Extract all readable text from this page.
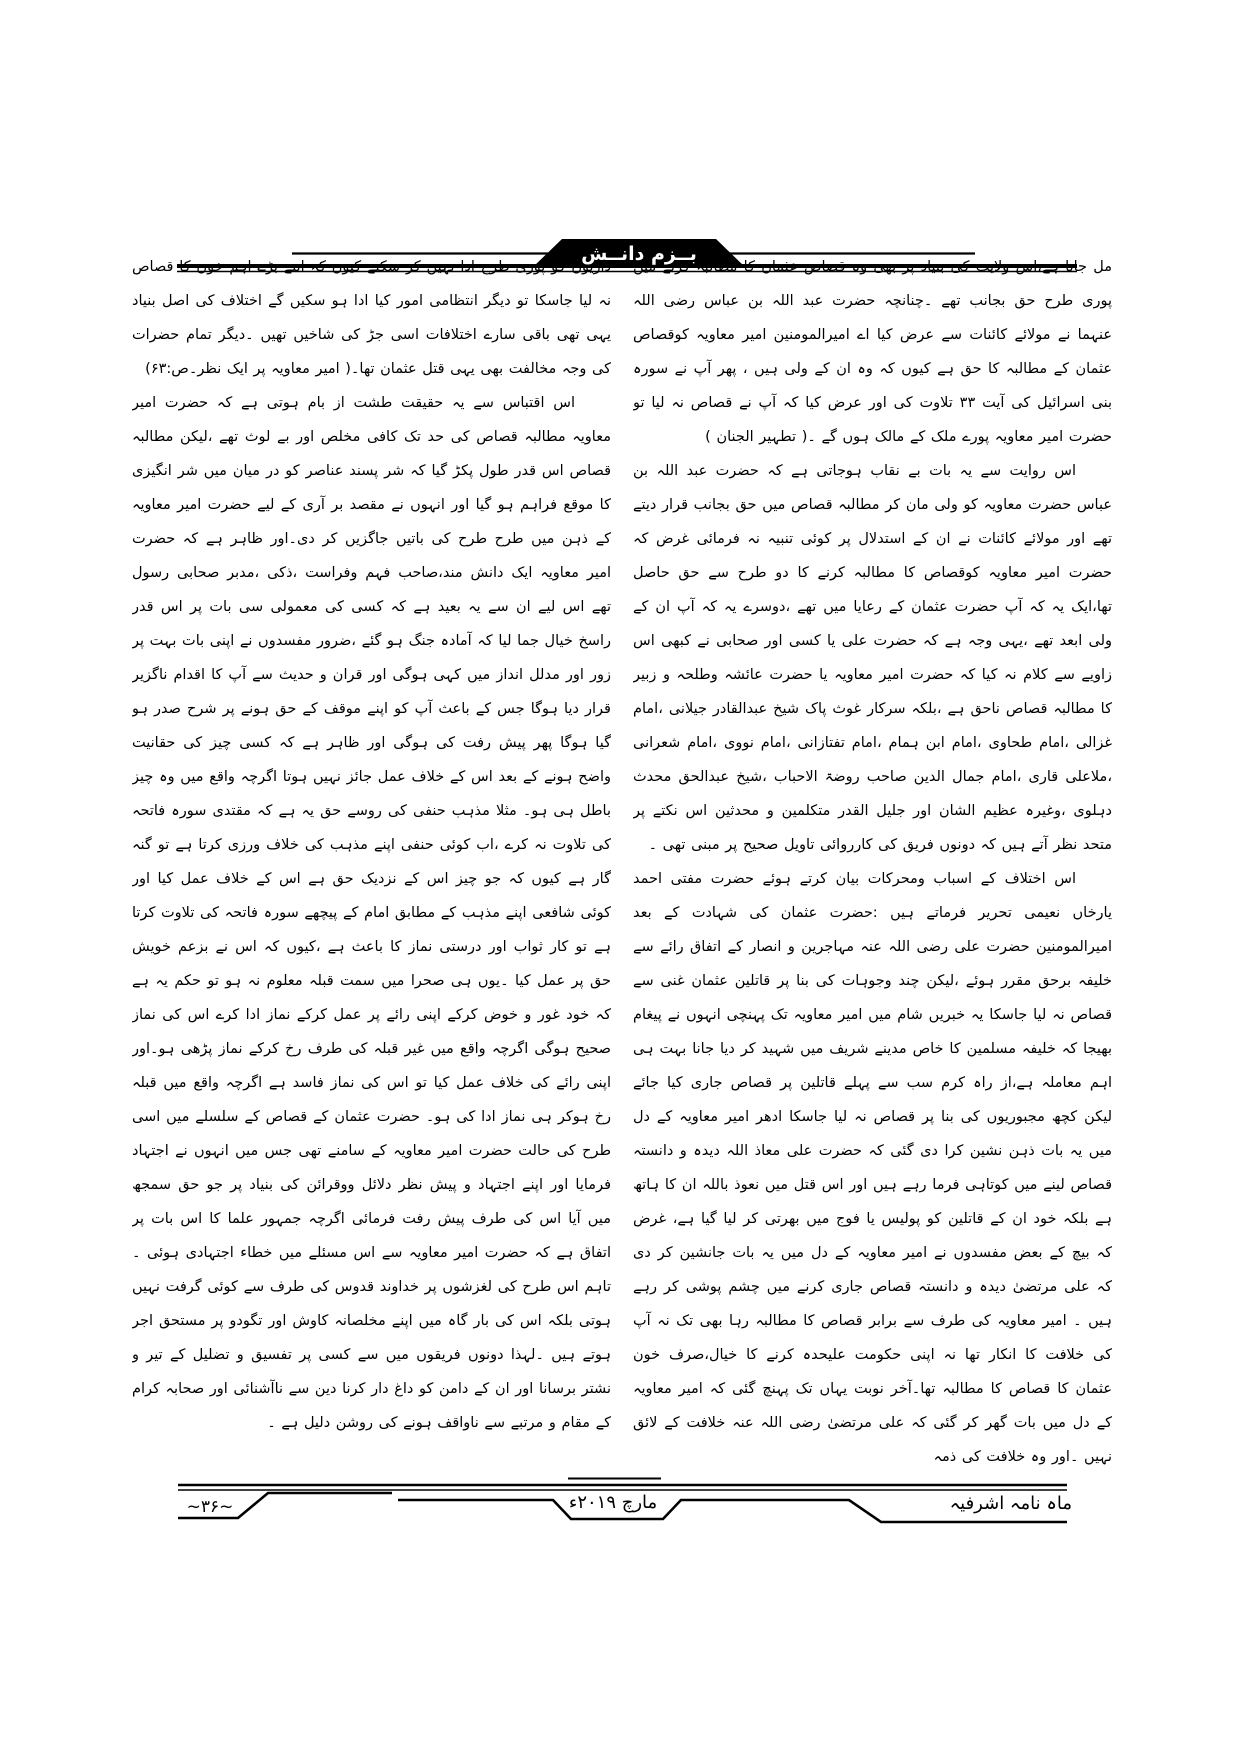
بــزم دانــش

مل جاتا ہے،اس ولایت کی بنیاد پر بھی وہ قصاص عثمان کا مطالبہ کرنے میں پوری طرح حق بجانب تھے ۔چنانچہ حضرت عبد اللہ بن عباس رضی اللہ عنہما نے مولائے کائنات سے عرض کیا اے امیرالمومنین امیر معاویہ کوقصاص عثمان کے مطالبہ کا حق ہے کیوں کہ وہ ان کے ولی ہیں ، پھر آپ نے سورہ بنی اسرائیل کی آیت ۳۳ تلاوت کی اور عرض کیا کہ آپ نے قصاص نہ لیا تو حضرت امیر معاویہ پورے ملک کے مالک ہوں گے ۔( تطہیر الجنان )

اس روایت سے یہ بات بے نقاب ہوجاتی ہے کہ حضرت عبد اللہ بن عباس حضرت معاویہ کو ولی مان کر مطالبہ قصاص میں حق بجانب قرار دیتے تھے اور مولائے کائنات نے ان کے استدلال پر کوئی تنبیہ نہ فرمائی غرض کہ حضرت امیر معاویہ کوقصاص کا مطالبہ کرنے کا دو طرح سے حق حاصل تھا،ایک یہ کہ آپ حضرت عثمان کے رعایا میں تھے ،دوسرے یہ کہ آپ ان کے ولی ابعد تھے ،یہی وجہ ہے کہ حضرت علی یا کسی اور صحابی نے کبھی اس زاویے سے کلام نہ کیا کہ حضرت امیر معاویہ یا حضرت عائشہ وطلحہ و زبیر کا مطالبہ قصاص ناحق ہے ،بلکہ سرکار غوث پاک شیخ عبدالقادر جیلانی ،امام غزالی ،امام طحاوی ،امام ابن ہمام ،امام تفتازانی ،امام نووی ،امام شعرانی ،ملاعلی قاری ،امام جمال الدین صاحب روضۃ الاحباب ،شیخ عبدالحق محدث دہلوی ،وغیرہ عظیم الشان اور جلیل القدر متکلمین و محدثین اس نکتے پر متحد نظر آتے ہیں کہ دونوں فریق کی کارروائی تاویل صحیح پر مبنی تھی ۔

اس اختلاف کے اسباب ومحرکات بیان کرتے ہوئے حضرت مفتی احمد یارخاں نعیمی تحریر فرماتے ہیں :حضرت عثمان کی شہادت کے بعد امیرالمومنین حضرت علی رضی اللہ عنہ مہاجرین و انصار کے اتفاق رائے سے خلیفہ برحق مقرر ہوئے ،لیکن چند وجوہات کی بنا پر قاتلین عثمان غنی سے قصاص نہ لیا جاسکا یہ خبریں شام میں امیر معاویہ تک پہنچی انہوں نے پیغام بھیجا کہ خلیفہ مسلمین کا خاص مدینے شریف میں شہید کر دیا جانا بہت ہی اہم معاملہ ہے،از راہ کرم سب سے پہلے قاتلین پر قصاص جاری کیا جائے لیکن کچھ مجبوریوں کی بنا پر قصاص نہ لیا جاسکا ادھر امیر معاویہ کے دل میں یہ بات ذہن نشین کرا دی گئی کہ حضرت علی معاذ اللہ دیدہ و دانستہ قصاص لینے میں کوتاہی فرما رہے ہیں اور اس قتل میں نعوذ باللہ ان کا ہاتھ ہے بلکہ خود ان کے قاتلین کو پولیس یا فوج میں بھرتی کر لیا گیا ہے، غرض کہ بیچ کے بعض مفسدوں نے امیر معاویہ کے دل میں یہ بات جانشین کر دی کہ علی مرتضیٰ دیدہ و دانستہ قصاص جاری کرنے میں چشم پوشی کر رہے ہیں ۔ امیر معاویہ کی طرف سے برابر قصاص کا مطالبہ رہا بھی تک نہ آپ کی خلافت کا انکار تھا نہ اپنی حکومت علیحدہ کرنے کا خیال،صرف خون عثمان کا قصاص کا مطالبہ تھا۔آخر نوبت یہاں تک پہنچ گئی کہ امیر معاویہ کے دل میں بات گھر کر گئی کہ علی مرتضیٰ رضی اللہ عنہ خلافت کے لائق نہیں ۔اور وہ خلافت کی ذمہ

داریوں کو پوری طرح ادا نہیں کر سکتے کیوں کہ اتنے بڑے اہم خون کا قصاص نہ لیا جاسکا تو دیگر انتظامی امور کیا ادا ہو سکیں گے اختلاف کی اصل بنیاد یہی تھی باقی سارے اختلافات اسی جڑ کی شاخیں تھیں ۔دیگر تمام حضرات کی وجہ مخالفت بھی یہی قتل عثمان تھا۔( امیر معاویہ پر ایک نظر۔ص:۶۳)

اس اقتباس سے یہ حقیقت طشت از بام ہوتی ہے کہ حضرت امیر معاویہ مطالبہ قصاص کی حد تک کافی مخلص اور بے لوث تھے ،لیکن مطالبہ قصاص اس قدر طول پکڑ گیا کہ شر پسند عناصر کو در میان میں شر انگیزی کا موقع فراہم ہو گیا اور انہوں نے مقصد بر آری کے لیے حضرت امیر معاویہ کے ذہن میں طرح طرح کی باتیں جاگزیں کر دی۔اور ظاہر ہے کہ حضرت امیر معاویہ ایک دانش مند،صاحب فہم وفراست ،ذکی ،مدبر صحابی رسول تھے اس لیے ان سے یہ بعید ہے کہ کسی کی معمولی سی بات پر اس قدر راسخ خیال جما لیا کہ آمادہ جنگ ہو گئے ،ضرور مفسدوں نے اپنی بات بہت پر زور اور مدلل انداز میں کہی ہوگی اور قران و حدیث سے آپ کا اقدام ناگزیر قرار دیا ہوگا جس کے باعث آپ کو اپنے موقف کے حق ہونے پر شرح صدر ہو گیا ہوگا پھر پیش رفت کی ہوگی اور ظاہر ہے کہ کسی چیز کی حقانیت واضح ہونے کے بعد اس کے خلاف عمل جائز نہیں ہوتا اگرچہ واقع میں وہ چیز باطل ہی ہو۔ مثلا مذہب حنفی کی روسے حق یہ ہے کہ مقتدی سورہ فاتحہ کی تلاوت نہ کرے ،اب کوئی حنفی اپنے مذہب کی خلاف ورزی کرتا ہے تو گنہ گار ہے کیوں کہ جو چیز اس کے نزدیک حق ہے اس کے خلاف عمل کیا اور کوئی شافعی اپنے مذہب کے مطابق امام کے پیچھے سورہ فاتحہ کی تلاوت کرتا ہے تو کار ثواب اور درستی نماز کا باعث ہے ،کیوں کہ اس نے بزعم خویش حق پر عمل کیا ۔یوں ہی صحرا میں سمت قبلہ معلوم نہ ہو تو حکم یہ ہے کہ خود غور و خوض کرکے اپنی رائے پر عمل کرکے نماز ادا کرے اس کی نماز صحیح ہوگی اگرچہ واقع میں غیر قبلہ کی طرف رخ کرکے نماز پڑھی ہو۔اور اپنی رائے کی خلاف عمل کیا تو اس کی نماز فاسد ہے اگرچہ واقع میں قبلہ رخ ہوکر ہی نماز ادا کی ہو۔ حضرت عثمان کے قصاص کے سلسلے میں اسی طرح کی حالت حضرت امیر معاویہ کے سامنے تھی جس میں انہوں نے اجتہاد فرمایا اور اپنے اجتہاد و پیش نظر دلائل ووقرائن کی بنیاد پر جو حق سمجھ میں آیا اس کی طرف پیش رفت فرمائی اگرچہ جمہور علما کا اس بات پر اتفاق ہے کہ حضرت امیر معاویہ سے اس مسئلے میں خطاء اجتہادی ہوئی ۔ تاہم اس طرح کی لغزشوں پر خداوند قدوس کی طرف سے کوئی گرفت نہیں ہوتی بلکہ اس کی بار گاہ میں اپنے مخلصانہ کاوش اور تگودو پر مستحق اجر ہوتے ہیں ۔لہذا دونوں فریقوں میں سے کسی پر تفسیق و تضلیل کے تیر و نشتر برسانا اور ان کے دامن کو داغ دار کرنا دین سے ناآشنائی اور صحابہ کرام کے مقام و مرتبے سے ناواقف ہونے کی روشن دلیل ہے ۔

ماہ نامہ اشرفیہ
مارچ ۲۰۱۹ء
~۳۶~
